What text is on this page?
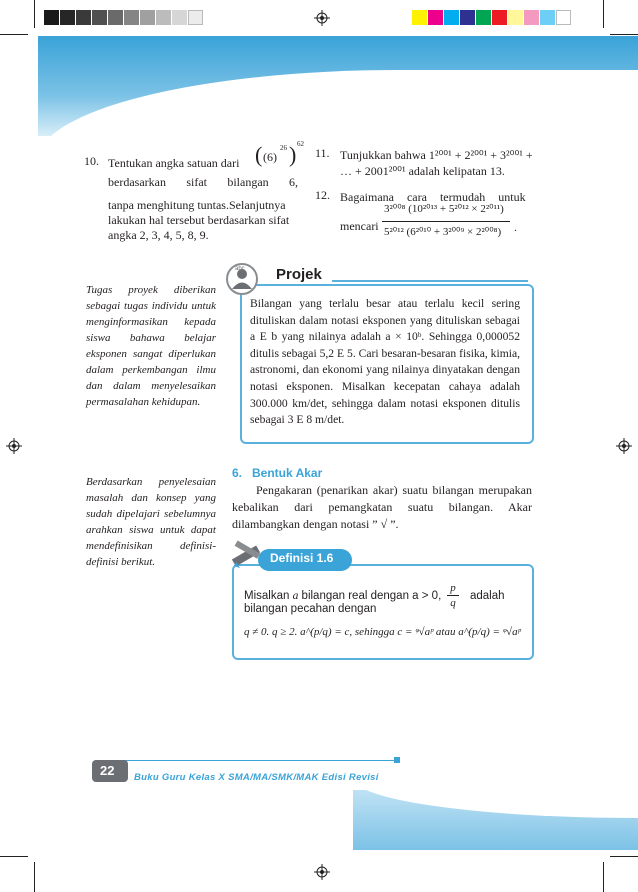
10. Tentukan angka satuan dari ( (6)
26 ) 62
berdasarkan sifat bilangan 6,
tanpa menghitung tuntas.Selanjutnya
lakukan hal tersebut berdasarkan sifat
angka 2, 3, 4, 5, 8, 9.
11. Tunjukkan bahwa 1²⁰⁰¹ + 2²⁰⁰¹ + 3²⁰⁰¹ +
… + 2001²⁰⁰¹ adalah kelipatan 13.
12. Bagaimana cara termudah untuk
mencari
3²⁰⁰⁸ (10²⁰¹³ + 5²⁰¹² × 2²⁰¹¹)
5²⁰¹² (6²⁰¹⁰ + 3²⁰⁰⁹ × 2²⁰⁰⁸) .
Tugas proyek diberikan sebagai tugas individu untuk menginformasikan kepada siswa bahawa belajar eksponen sangat diperlukan dalam perkembangan ilmu dan dalam menyelesaikan permasalahan kehidupan.
abc Projek
Bilangan yang terlalu besar atau terlalu kecil sering dituliskan dalam notasi eksponen yang dituliskan sebagai a E b yang nilainya adalah a × 10ᵇ. Sehingga 0,000052 ditulis sebagai 5,2 E 5. Cari besaran-besaran fisika, kimia, astronomi, dan ekonomi yang nilainya dinyatakan dengan notasi eksponen. Misalkan kecepatan cahaya adalah 300.000 km/det, sehingga dalam notasi eksponen ditulis sebagai 3 E 8 m/det.
Berdasarkan penyelesaian masalah dan konsep yang sudah dipelajari sebelumnya arahkan siswa untuk dapat mendefinisikan definisi-definisi berikut.
6.   Bentuk Akar
Pengakaran (penarikan akar) suatu bilangan merupakan kebalikan dari pemangkatan suatu bilangan. Akar dilambangkan dengan notasi ” √ ”.
Definisi 1.6
Misalkan a bilangan real dengan a > 0,
p
q
adalah
bilangan pecahan dengan
q ≠ 0. q ≥ 2. a^(p/q) = c, sehingga c = ᵠ√aᵖ atau a^(p/q) = ᵠ√aᵖ
22 Buku Guru Kelas X SMA/MA/SMK/MAK Edisi Revisi
